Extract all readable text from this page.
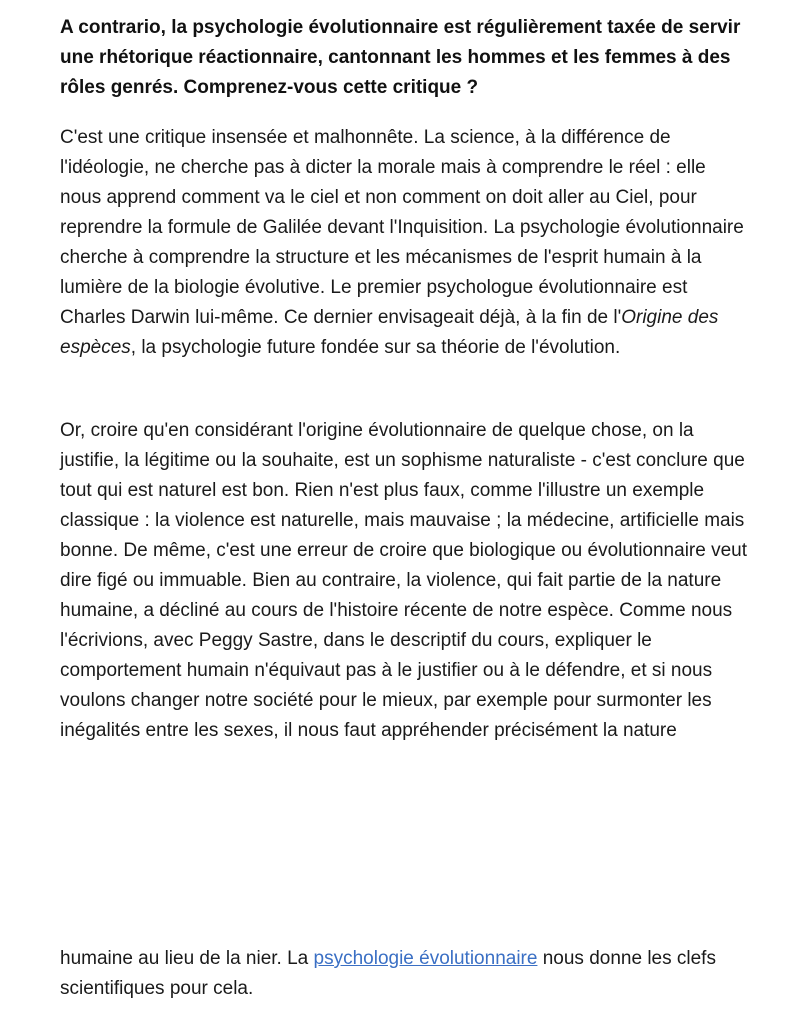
A contrario, la psychologie évolutionnaire est régulièrement taxée de servir une rhétorique réactionnaire, cantonnant les hommes et les femmes à des rôles genrés. Comprenez-vous cette critique ?

C'est une critique insensée et malhonnête. La science, à la différence de l'idéologie, ne cherche pas à dicter la morale mais à comprendre le réel : elle nous apprend comment va le ciel et non comment on doit aller au Ciel, pour reprendre la formule de Galilée devant l'Inquisition. La psychologie évolutionnaire cherche à comprendre la structure et les mécanismes de l'esprit humain à la lumière de la biologie évolutive. Le premier psychologue évolutionnaire est Charles Darwin lui-même. Ce dernier envisageait déjà, à la fin de l'Origine des espèces, la psychologie future fondée sur sa théorie de l'évolution.

Or, croire qu'en considérant l'origine évolutionnaire de quelque chose, on la justifie, la légitime ou la souhaite, est un sophisme naturaliste - c'est conclure que tout qui est naturel est bon. Rien n'est plus faux, comme l'illustre un exemple classique : la violence est naturelle, mais mauvaise ; la médecine, artificielle mais bonne. De même, c'est une erreur de croire que biologique ou évolutionnaire veut dire figé ou immuable. Bien au contraire, la violence, qui fait partie de la nature humaine, a décliné au cours de l'histoire récente de notre espèce. Comme nous l'écrivions, avec Peggy Sastre, dans le descriptif du cours, expliquer le comportement humain n'équivaut pas à le justifier ou à le défendre, et si nous voulons changer notre société pour le mieux, par exemple pour surmonter les inégalités entre les sexes, il nous faut appréhender précisément la nature

humaine au lieu de la nier. La psychologie évolutionnaire nous donne les clefs scientifiques pour cela.
